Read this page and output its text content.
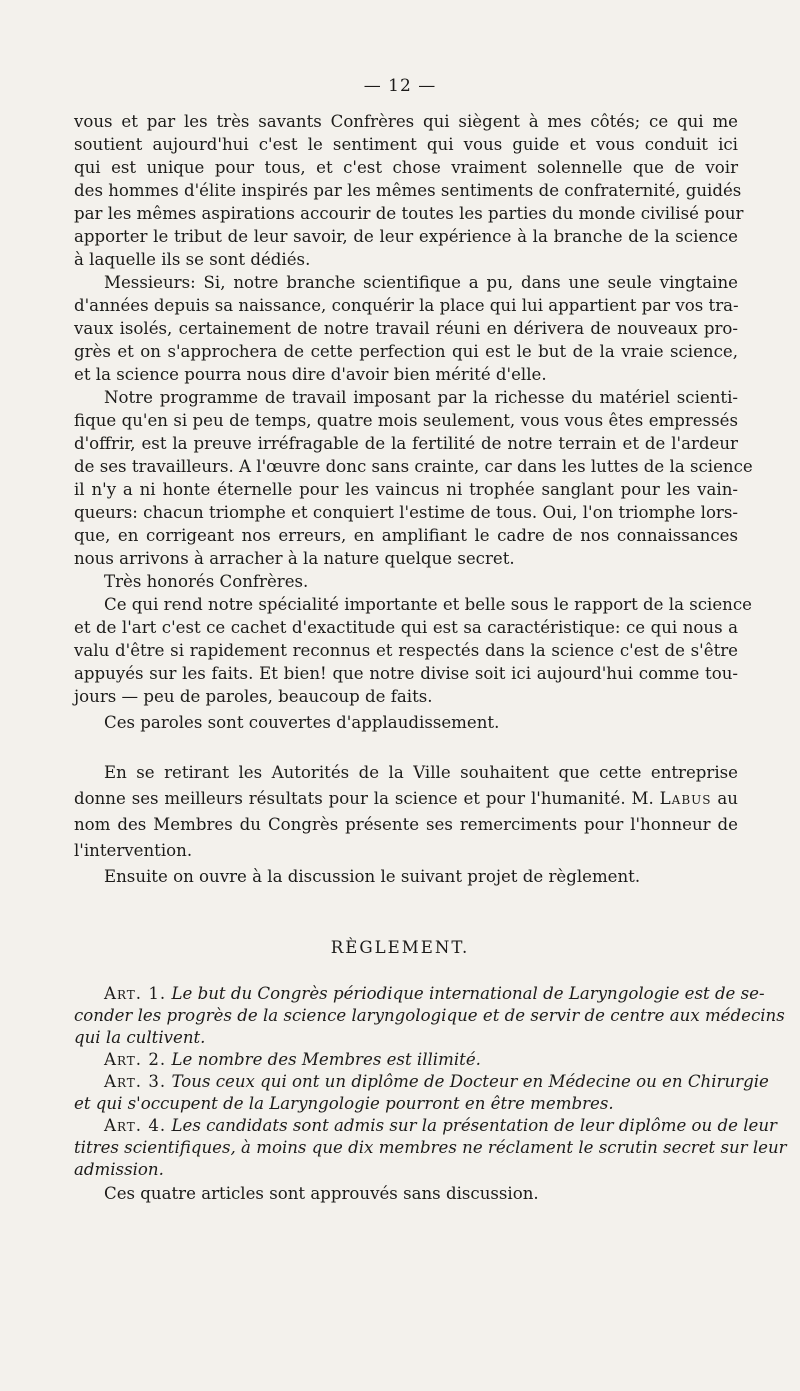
— 12 —
vous et par les très savants Confrères qui siègent à mes côtés; ce qui me
soutient aujourd'hui c'est le sentiment qui vous guide et vous conduit ici
qui est unique pour tous, et c'est chose vraiment solennelle que de voir
des hommes d'élite inspirés par les mêmes sentiments de confraternité, guidés
par les mêmes aspirations accourir de toutes les parties du monde civilisé pour
apporter le tribut de leur savoir, de leur expérience à la branche de la science
à laquelle ils se sont dédiés.
Messieurs: Si, notre branche scientifique a pu, dans une seule vingtaine
d'années depuis sa naissance, conquérir la place qui lui appartient par vos tra-
vaux isolés, certainement de notre travail réuni en dérivera de nouveaux pro-
grès et on s'approchera de cette perfection qui est le but de la vraie science,
et la science pourra nous dire d'avoir bien mérité d'elle.
Notre programme de travail imposant par la richesse du matériel scienti-
fique qu'en si peu de temps, quatre mois seulement, vous vous êtes empressés
d'offrir, est la preuve irréfragable de la fertilité de notre terrain et de l'ardeur
de ses travailleurs. A l'œuvre donc sans crainte, car dans les luttes de la science
il n'y a ni honte éternelle pour les vaincus ni trophée sanglant pour les vain-
queurs: chacun triomphe et conquiert l'estime de tous. Oui, l'on triomphe lors-
que, en corrigeant nos erreurs, en amplifiant le cadre de nos connaissances
nous arrivons à arracher à la nature quelque secret.
Très honorés Confrères.
Ce qui rend notre spécialité importante et belle sous le rapport de la science
et de l'art c'est ce cachet d'exactitude qui est sa caractéristique: ce qui nous a
valu d'être si rapidement reconnus et respectés dans la science c'est de s'être
appuyés sur les faits. Et bien! que notre divise soit ici aujourd'hui comme tou-
jours — peu de paroles, beaucoup de faits.
Ces paroles sont couvertes d'applaudissement.
En se retirant les Autorités de la Ville souhaitent que cette entreprise
donne ses meilleurs résultats pour la science et pour l'humanité. M. Labus au
nom des Membres du Congrès présente ses remerciments pour l'honneur de
l'intervention.
Ensuite on ouvre à la discussion le suivant projet de règlement.
RÈGLEMENT.
Art. 1. Le but du Congrès périodique international de Laryngologie est de se-
conder les progrès de la science laryngologique et de servir de centre aux médecins
qui la cultivent.
Art. 2. Le nombre des Membres est illimité.
Art. 3. Tous ceux qui ont un diplôme de Docteur en Médecine ou en Chirurgie
et qui s'occupent de la Laryngologie pourront en être membres.
Art. 4. Les candidats sont admis sur la présentation de leur diplôme ou de leur
titres scientifiques, à moins que dix membres ne réclament le scrutin secret sur leur
admission.
Ces quatre articles sont approuvés sans discussion.
